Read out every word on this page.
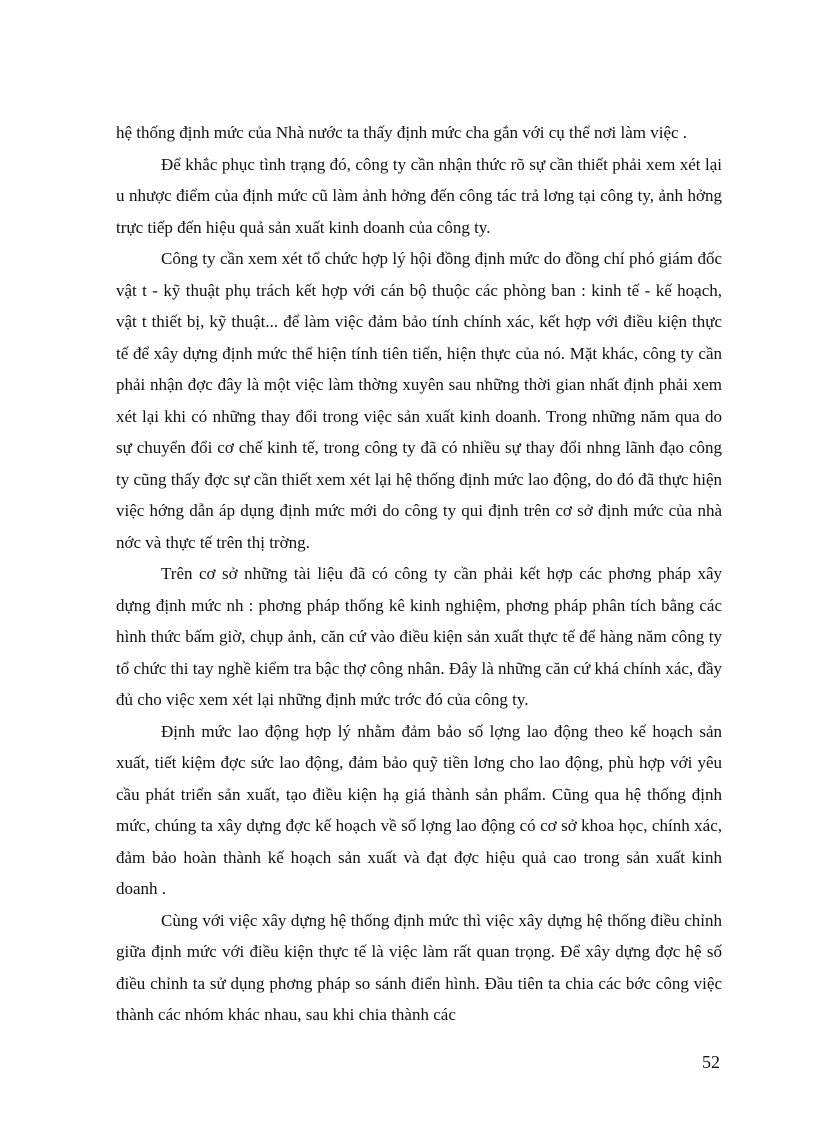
hệ thống định mức của Nhà nước ta thấy định mức cha gắn với cụ thể nơi làm việc .

Để khắc phục tình trạng đó, công ty cần nhận thức rõ sự cần thiết phải xem xét lại u nhược điểm của định mức cũ làm ảnh hởng đến công tác trả lơng tại công ty, ảnh hởng trực tiếp đến hiệu quả sản xuất kinh doanh của công ty.

Công ty cần xem xét tổ chức hợp lý hội đồng định mức do đồng chí phó giám đốc vật t - kỹ thuật phụ trách kết hợp với cán bộ thuộc các phòng ban : kinh tế - kế hoạch, vật t thiết bị, kỹ thuật... để làm việc đảm bảo tính chính xác, kết hợp với điều kiện thực tế để xây dựng định mức thể hiện tính tiên tiến, hiện thực của nó. Mặt khác, công ty cần phải nhận đợc đây là một việc làm thờng xuyên sau những thời gian nhất định phải xem xét lại khi có những thay đổi trong việc sản xuất kinh doanh. Trong những năm qua do sự chuyển đổi cơ chế kinh tế, trong công ty đã có nhiều sự thay đổi nhng lãnh đạo công ty cũng thấy đợc sự cần thiết xem xét lại hệ thống định mức lao động, do đó đã thực hiện việc hớng dẫn áp dụng định mức mới do công ty qui định trên cơ sở định mức của nhà nớc và thực tế trên thị trờng.

Trên cơ sở những tài liệu đã có công ty cần phải kết hợp các phơng pháp xây dựng định mức nh : phơng pháp thống kê kinh nghiệm, phơng pháp phân tích bằng các hình thức bấm giờ, chụp ảnh, căn cứ vào điều kiện sản xuất thực tế để hàng năm công ty tổ chức thi tay nghề kiểm tra bậc thợ công nhân. Đây là những căn cứ khá chính xác, đầy đủ cho việc xem xét lại những định mức trớc đó của công ty.

Định mức lao động hợp lý nhằm đảm bảo số lợng lao động theo kế hoạch sản xuất, tiết kiệm đợc sức lao động, đảm bảo quỹ tiền lơng cho lao động, phù hợp với yêu cầu phát triển sản xuất, tạo điều kiện hạ giá thành sản phẩm. Cũng qua hệ thống định mức, chúng ta xây dựng đợc kế hoạch về số lợng lao động có cơ sở khoa học, chính xác, đảm bảo hoàn thành kế hoạch sản xuất và đạt đợc hiệu quả cao trong sản xuất kinh doanh .

Cùng với việc xây dựng hệ thống định mức thì việc xây dựng hệ thống điều chỉnh giữa định mức với điều kiện thực tế là việc làm rất quan trọng. Để xây dựng đợc hệ số điều chỉnh ta sử dụng phơng pháp so sánh điển hình. Đầu tiên ta chia các bớc công việc thành các nhóm khác nhau, sau khi chia thành các

52
